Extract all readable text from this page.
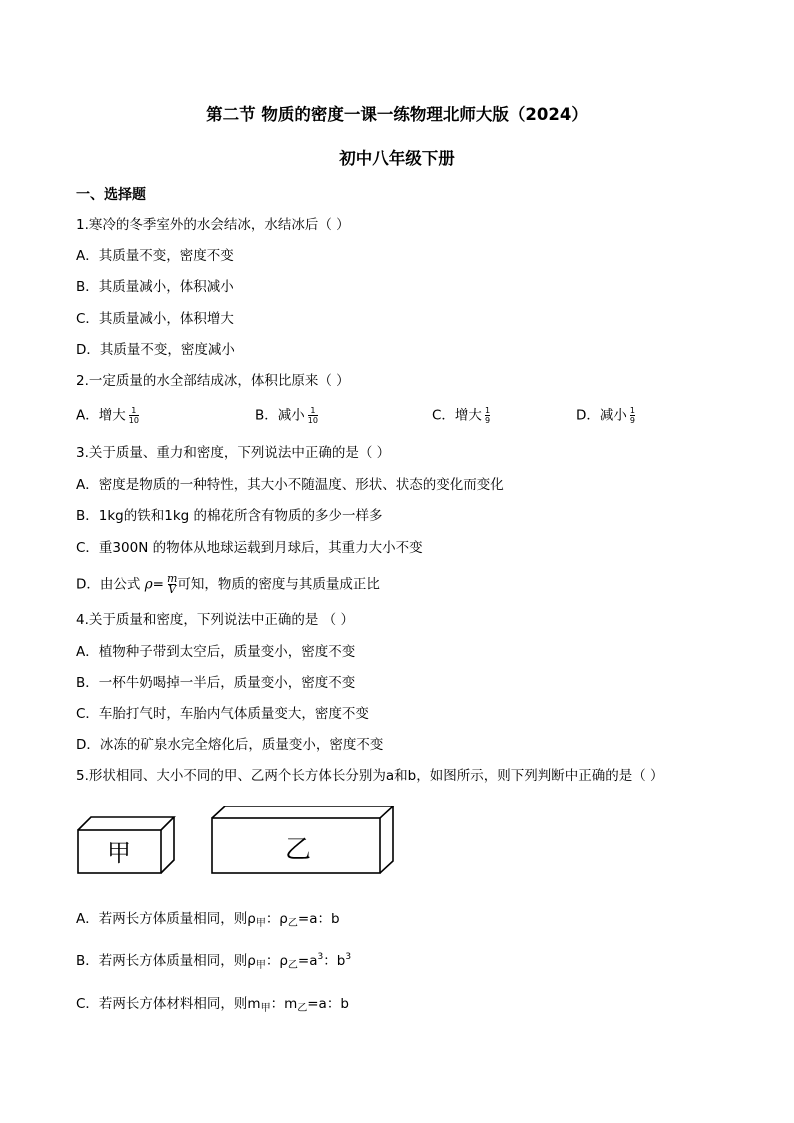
第二节 物质的密度一课一练物理北师大版（2024）
初中八年级下册
一、选择题
1.寒冷的冬季室外的水会结冰，水结冰后（ ）
A．其质量不变，密度不变
B．其质量减小，体积减小
C．其质量减小，体积增大
D．其质量不变，密度减小
2.一定质量的水全部结成冰，体积比原来（ ）
A．增大 $\frac{1}{10}$	B．减小 $\frac{1}{10}$	C．增大 $\frac{1}{9}$	D．减小 $\frac{1}{9}$
3.关于质量、重力和密度，下列说法中正确的是（ ）
A．密度是物质的一种特性，其大小不随温度、形状、状态的变化而变化
B．1kg的铁和1kg 的棉花所含有物质的多少一样多
C．重300N 的物体从地球运载到月球后，其重力大小不变
D．由公式 $\rho= \frac{m}{V}$ 可知，物质的密度与其质量成正比
4.关于质量和密度，下列说法中正确的是 （ ）
A．植物种子带到太空后，质量变小，密度不变
B．一杯牛奶喝掉一半后，质量变小，密度不变
C．车胎打气时，车胎内气体质量变大，密度不变
D．冰冻的矿泉水完全熔化后，质量变小，密度不变
5.形状相同、大小不同的甲、乙两个长方体长分别为a和b，如图所示，则下列判断中正确的是（ ）
甲	乙
A．若两长方体质量相同，则$\rho_甲$：$\rho_乙=a$：b
B．若两长方体质量相同，则$\rho_甲$：$\rho_乙=a^3$：$b^3$
C．若两长方体材料相同，则$m_甲$：$m_乙=a$：b
